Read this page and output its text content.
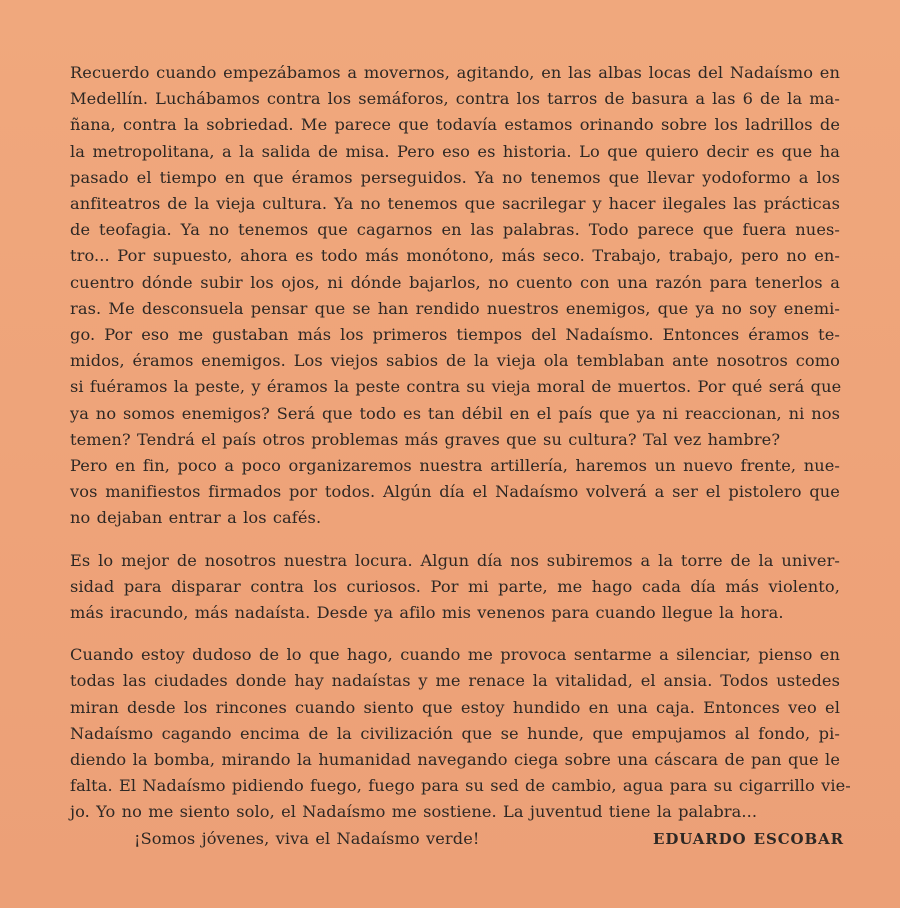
Recuerdo cuando empezábamos a movernos, agitando, en las albas locas del Nadaísmo en
Medellín. Luchábamos contra los semáforos, contra los tarros de basura a las 6 de la ma-
ñana, contra la sobriedad. Me parece que todavía estamos orinando sobre los ladrillos de
la metropolitana, a la salida de misa. Pero eso es historia. Lo que quiero decir es que ha
pasado el tiempo en que éramos perseguidos. Ya no tenemos que llevar yodoformo a los
anfiteatros de la vieja cultura. Ya no tenemos que sacrilegar y hacer ilegales las prácticas
de teofagia. Ya no tenemos que cagarnos en las palabras. Todo parece que fuera nues-
tro... Por supuesto, ahora es todo más monótono, más seco. Trabajo, trabajo, pero no en-
cuentro dónde subir los ojos, ni dónde bajarlos, no cuento con una razón para tenerlos a
ras. Me desconsuela pensar que se han rendido nuestros enemigos, que ya no soy enemi-
go. Por eso me gustaban más los primeros tiempos del Nadaísmo. Entonces éramos te-
midos, éramos enemigos. Los viejos sabios de la vieja ola temblaban ante nosotros como
si fuéramos la peste, y éramos la peste contra su vieja moral de muertos. Por qué será que
ya no somos enemigos? Será que todo es tan débil en el país que ya ni reaccionan, ni nos
temen? Tendrá el país otros problemas más graves que su cultura? Tal vez hambre?
Pero en fin, poco a poco organizaremos nuestra artillería, haremos un nuevo frente, nue-
vos manifiestos firmados por todos. Algún día el Nadaísmo volverá a ser el pistolero que
no dejaban entrar a los cafés.
Es lo mejor de nosotros nuestra locura. Algun día nos subiremos a la torre de la univer-
sidad para disparar contra los curiosos. Por mi parte, me hago cada día más violento,
más iracundo, más nadaísta. Desde ya afilo mis venenos para cuando llegue la hora.
Cuando estoy dudoso de lo que hago, cuando me provoca sentarme a silenciar, pienso en
todas las ciudades donde hay nadaístas y me renace la vitalidad, el ansia. Todos ustedes
miran desde los rincones cuando siento que estoy hundido en una caja. Entonces veo el
Nadaísmo cagando encima de la civilización que se hunde, que empujamos al fondo, pi-
diendo la bomba, mirando la humanidad navegando ciega sobre una cáscara de pan que le
falta. El Nadaísmo pidiendo fuego, fuego para su sed de cambio, agua para su cigarrillo vie-
jo. Yo no me siento solo, el Nadaísmo me sostiene. La juventud tiene la palabra...
¡Somos jóvenes, viva el Nadaísmo verde!	EDUARDO ESCOBAR
